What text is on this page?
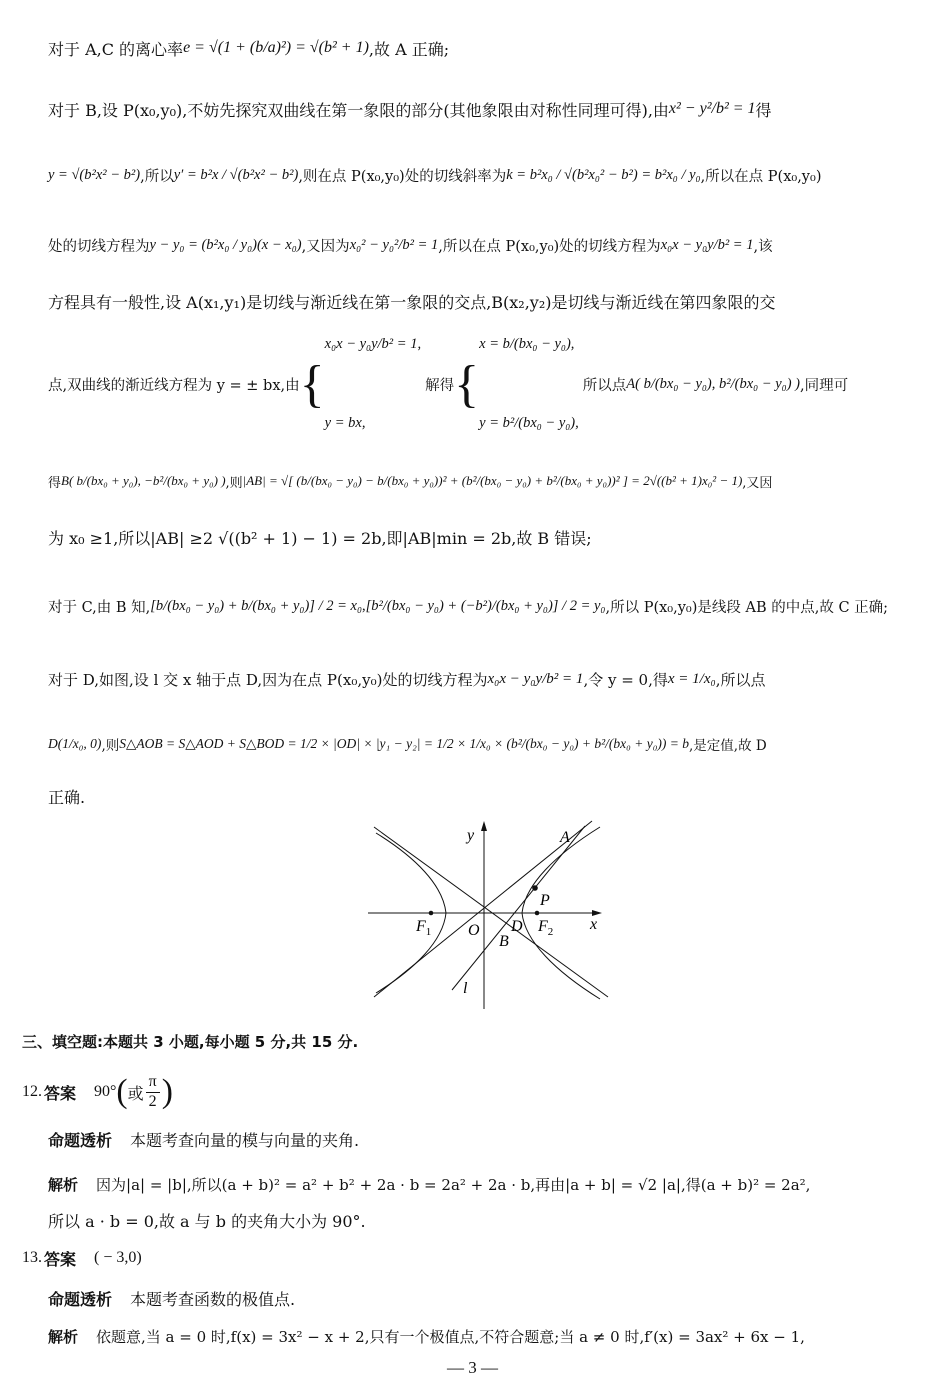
对于 A,C 的离心率 e = √(1 + (b/a)²) = √(b² + 1) ,故 A 正确;
对于 B,设 P(x₀,y₀),不妨先探究双曲线在第一象限的部分(其他象限由对称性同理可得),由 x² − y²/b² = 1 得
y = √(b²x² − b²) ,所以 y′ = b²x / √(b²x² − b²) ,则在点 P(x₀,y₀)处的切线斜率为 k = b²x₀ / √(b²x₀² − b²) = b²x₀ / y₀ ,所以在点 P(x₀,y₀)
处的切线方程为 y − y₀ = (b²x₀ / y₀)(x − x₀) ,又因为 x₀² − y₀²/b² = 1 ,所以在点 P(x₀,y₀)处的切线方程为 x₀x − y₀y/b² = 1 ,该
方程具有一般性,设 A(x₁,y₁)是切线与渐近线在第一象限的交点,B(x₂,y₂)是切线与渐近线在第四象限的交
点,双曲线的渐近线方程为 y = ± bx,由 {
x₀x − y₀y/b² = 1,
y = bx,
解得 {
x = b/(bx₀ − y₀),
y = b²/(bx₀ − y₀),
所以点 A( b/(bx₀ − y₀), b²/(bx₀ − y₀) ) ,同理可
得 B( b/(bx₀ + y₀), −b²/(bx₀ + y₀) ) ,则 |AB| = √[ (b/(bx₀ − y₀) − b/(bx₀ + y₀))² + (b²/(bx₀ − y₀) + b²/(bx₀ + y₀))² ] = 2√((b² + 1)x₀² − 1) ,又因
为 x₀ ≥1,所以|AB| ≥2 √((b² + 1) − 1) = 2b,即|AB|min = 2b,故 B 错误;
对于 C,由 B 知, [b/(bx₀ − y₀) + b/(bx₀ + y₀)] / 2 = x₀ , [b²/(bx₀ − y₀) + (−b²)/(bx₀ + y₀)] / 2 = y₀ ,所以 P(x₀,y₀)是线段 AB 的中点,故 C 正确;
对于 D,如图,设 l 交 x 轴于点 D,因为在点 P(x₀,y₀)处的切线方程为 x₀x − y₀y/b² = 1 ,令 y = 0,得 x = 1/x₀ ,所以点
D(1/x₀, 0) ,则 S△AOB = S△AOD + S△BOD = 1/2 × |OD| × |y₁ − y₂| = 1/2 × 1/x₀ × (b²/(bx₀ − y₀) + b²/(bx₀ + y₀)) = b ,是定值,故 D
正确.
y
x
O
$F_1$	$F_2$
A
B
P
D
l
三、填空题:本题共 3 小题,每小题 5 分,共 15 分.
12. 答案 90° ( 或 $\frac{\pi}{2}$ )
命题透析 本题考查向量的模与向量的夹角.
解析 因为|a| = |b|,所以(a + b)² = a² + b² + 2a · b = 2a² + 2a · b,再由|a + b| = √2 |a|,得(a + b)² = 2a²,
所以 a · b = 0,故 a 与 b 的夹角大小为 90°.
13. 答案 ( − 3,0)
命题透析 本题考查函数的极值点.
解析 依题意,当 a = 0 时,f(x) = 3x² − x + 2,只有一个极值点,不符合题意;当 a ≠ 0 时,f′(x) = 3ax² + 6x − 1,
— 3 —
